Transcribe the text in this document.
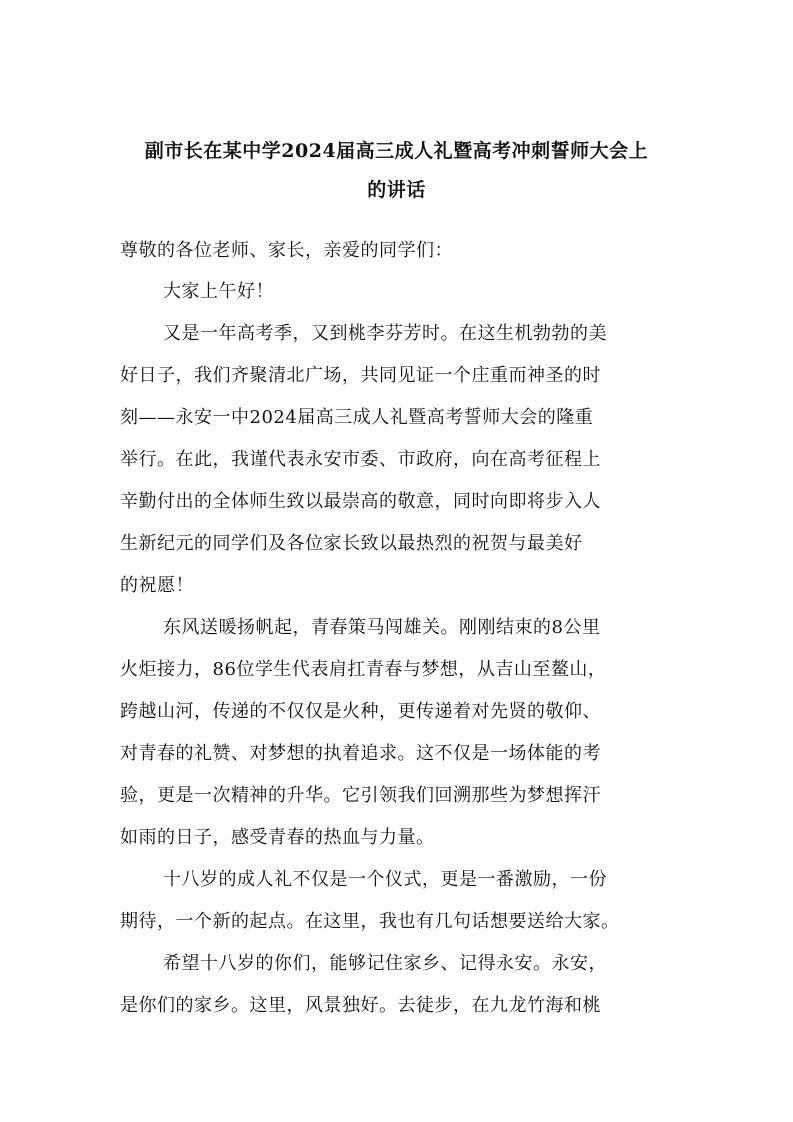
副市长在某中学2024届高三成人礼暨高考冲刺誓师大会上
的讲话
尊敬的各位老师、家长，亲爱的同学们：
大家上午好！
又是一年高考季，又到桃李芬芳时。在这生机勃勃的美
好日子，我们齐聚清北广场，共同见证一个庄重而神圣的时
刻——永安一中2024届高三成人礼暨高考誓师大会的隆重
举行。在此，我谨代表永安市委、市政府，向在高考征程上
辛勤付出的全体师生致以最崇高的敬意，同时向即将步入人
生新纪元的同学们及各位家长致以最热烈的祝贺与最美好
的祝愿！
东风送暖扬帆起，青春策马闯雄关。刚刚结束的8公里
火炬接力，86位学生代表肩扛青春与梦想，从吉山至鳌山，
跨越山河，传递的不仅仅是火种，更传递着对先贤的敬仰、
对青春的礼赞、对梦想的执着追求。这不仅是一场体能的考
验，更是一次精神的升华。它引领我们回溯那些为梦想挥汗
如雨的日子，感受青春的热血与力量。
十八岁的成人礼不仅是一个仪式，更是一番激励，一份
期待，一个新的起点。在这里，我也有几句话想要送给大家。
希望十八岁的你们，能够记住家乡、记得永安。永安，
是你们的家乡。这里，风景独好。去徒步，在九龙竹海和桃
